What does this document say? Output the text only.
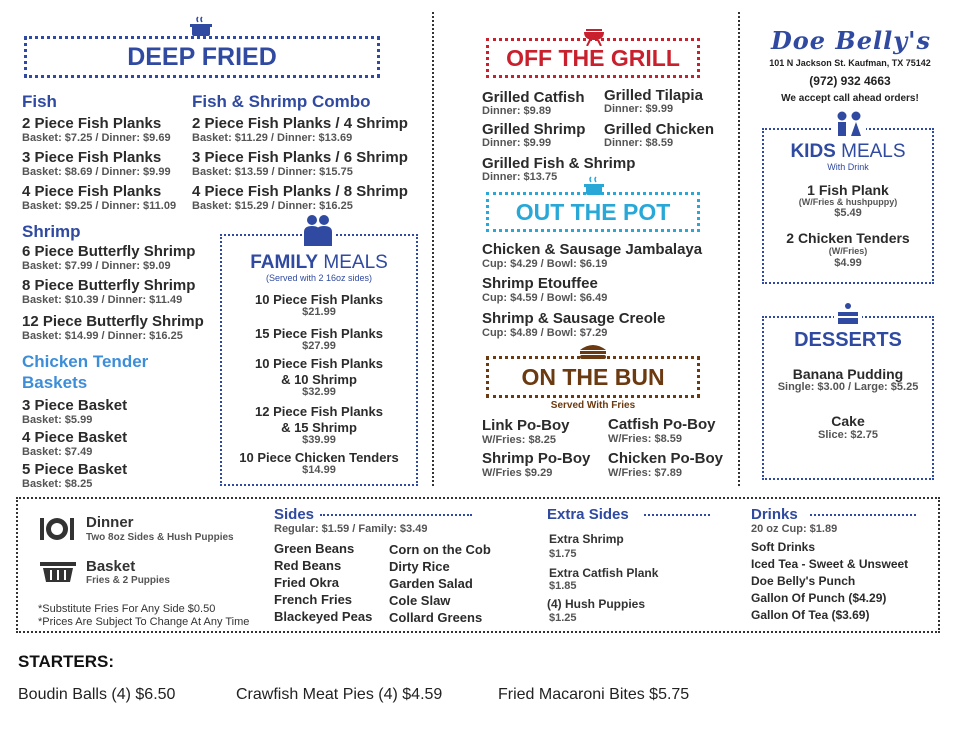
DEEP FRIED
Fish
2 Piece Fish Planks
Basket: $7.25 / Dinner: $9.69
3 Piece Fish Planks
Basket: $8.69 / Dinner: $9.99
4 Piece Fish Planks
Basket: $9.25 / Dinner: $11.09
Fish & Shrimp Combo
2 Piece Fish Planks / 4 Shrimp
Basket: $11.29 / Dinner: $13.69
3 Piece Fish Planks / 6 Shrimp
Basket: $13.59 / Dinner: $15.75
4 Piece Fish Planks / 8 Shrimp
Basket: $15.29 / Dinner: $16.25
Shrimp
6 Piece Butterfly Shrimp
Basket: $7.99 / Dinner: $9.09
8 Piece Butterfly Shrimp
Basket: $10.39 / Dinner: $11.49
12 Piece Butterfly Shrimp
Basket: $14.99 / Dinner: $16.25
Chicken Tender
Baskets
3 Piece Basket
Basket: $5.99
4 Piece Basket
Basket: $7.49
5 Piece Basket
Basket: $8.25
FAMILY MEALS
(Served with 2 16oz sides)
10 Piece Fish Planks
$21.99
15 Piece Fish Planks
$27.99
10 Piece Fish Planks
& 10 Shrimp
$32.99
12 Piece Fish Planks
& 15 Shrimp
$39.99
10 Piece Chicken Tenders
$14.99
OFF THE GRILL
Grilled Catfish
Dinner: $9.89
Grilled Tilapia
Dinner: $9.99
Grilled Shrimp
Dinner: $9.99
Grilled Chicken
Dinner: $8.59
Grilled Fish & Shrimp
Dinner: $13.75
OUT THE POT
Chicken & Sausage Jambalaya
Cup: $4.29 / Bowl: $6.19
Shrimp Etouffee
Cup: $4.59 / Bowl: $6.49
Shrimp & Sausage Creole
Cup: $4.89 / Bowl: $7.29
ON THE BUN
Served With Fries
Link Po-Boy
W/Fries: $8.25
Catfish Po-Boy
W/Fries: $8.59
Shrimp Po-Boy
W/Fries $9.29
Chicken Po-Boy
W/Fries: $7.89
Doe Belly's
101 N Jackson St. Kaufman, TX 75142
(972) 932 4663
We accept call ahead orders!
KIDS MEALS
With Drink
1 Fish Plank
(W/Fries & hushpuppy)
$5.49
2 Chicken Tenders
(W/Fries)
$4.99
DESSERTS
Banana Pudding
Single: $3.00 / Large: $5.25
Cake
Slice: $2.75
Dinner
Two 8oz Sides & Hush Puppies
Basket
Fries & 2 Puppies
*Substitute Fries For Any Side $0.50
*Prices Are Subject To Change At Any Time
Sides
Regular: $1.59 / Family: $3.49
Green Beans
Red Beans
Fried Okra
French Fries
Blackeyed Peas
Corn on the Cob
Dirty Rice
Garden Salad
Cole Slaw
Collard Greens
Extra Sides
Extra Shrimp
$1.75
Extra Catfish Plank
$1.85
(4) Hush Puppies
$1.25
Drinks
20 oz Cup: $1.89
Soft Drinks
Iced Tea - Sweet & Unsweet
Doe Belly's Punch
Gallon Of Punch ($4.29)
Gallon Of Tea ($3.69)
STARTERS:
Boudin Balls (4) $6.50	Crawfish Meat Pies (4) $4.59	Fried Macaroni Bites $5.75
